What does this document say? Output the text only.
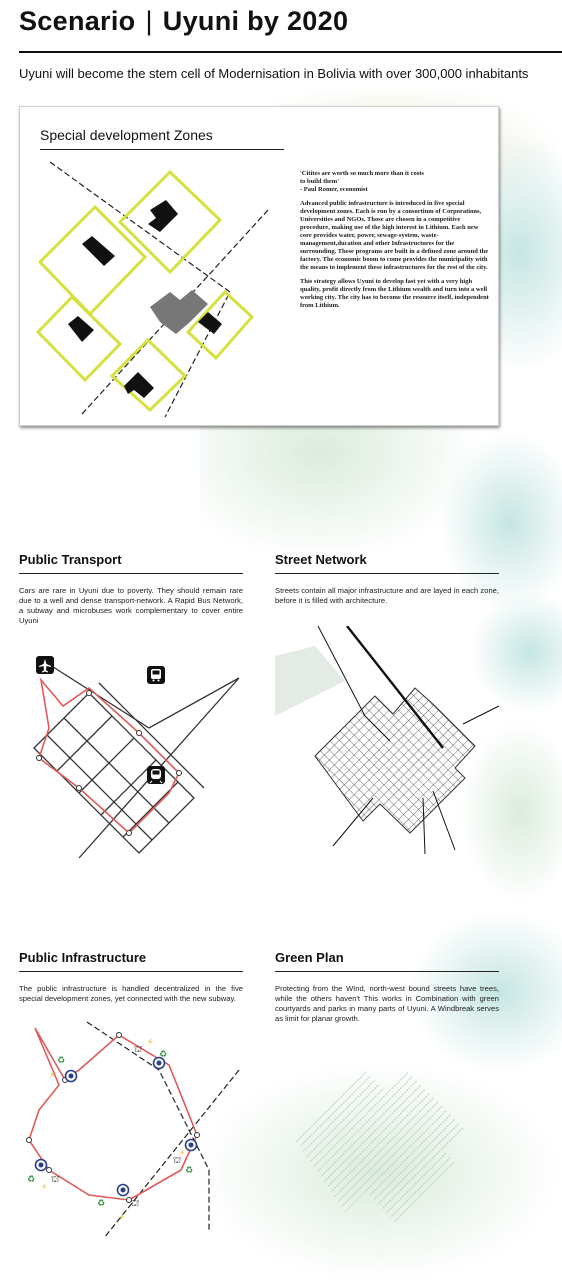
Scenario | Uyuni by 2020
Uyuni will become the stem cell of Modernisation in Bolivia with over 300,000 inhabitants
Special development Zones

'Citites are worth so much more than it costs
to build them'
- Paul Romer, economist

Advanced public infrastructure is introduced in five special development zones. Each is run by a consortium of Corporations, Universities and NGOs. Those are chosen in a competitive procedure, making use of the high interest in Lithium. Each new core provides water, power, sewage-system, waste-management,ducation and other Infrastructures for the surrounding. These programs are built in a defined zone around the factory. The economic boom to come provides the municipality with the means to implement these infrastructures for the rest of the city.

This strategy allows Uyuni to develop fast yet with a very high quality, profit directly from the Lithium wealth and turn into a well working city. The city has to become the resource itself, independent from Lithium.

Public Transport
Cars are rare in Uyuni due to poverty. They should remain rare due to a well and dense transport-network. A Rapid Bus Network, a subway and microbuses work complementary to cover entire Uyuni
Street Network
Streets contain all major infrastructure and are layed in each zone, before it is filled with architecture.
Public Infrastructure
The public infrastructure is handled decentralized in the five special development zones, yet connected with the new subway.
♻
♻
♻
♻
♻
⚡
⚡
⚡
⚡
⚡
⛫
⛫
⛫
⛫
Green Plan
Protecting from the WInd, north-west bound streets have trees, while the others haven't This works in Combination with green courtyards and parks in many parts of Uyuni. A Windbreak serves as limit for planar growth.
